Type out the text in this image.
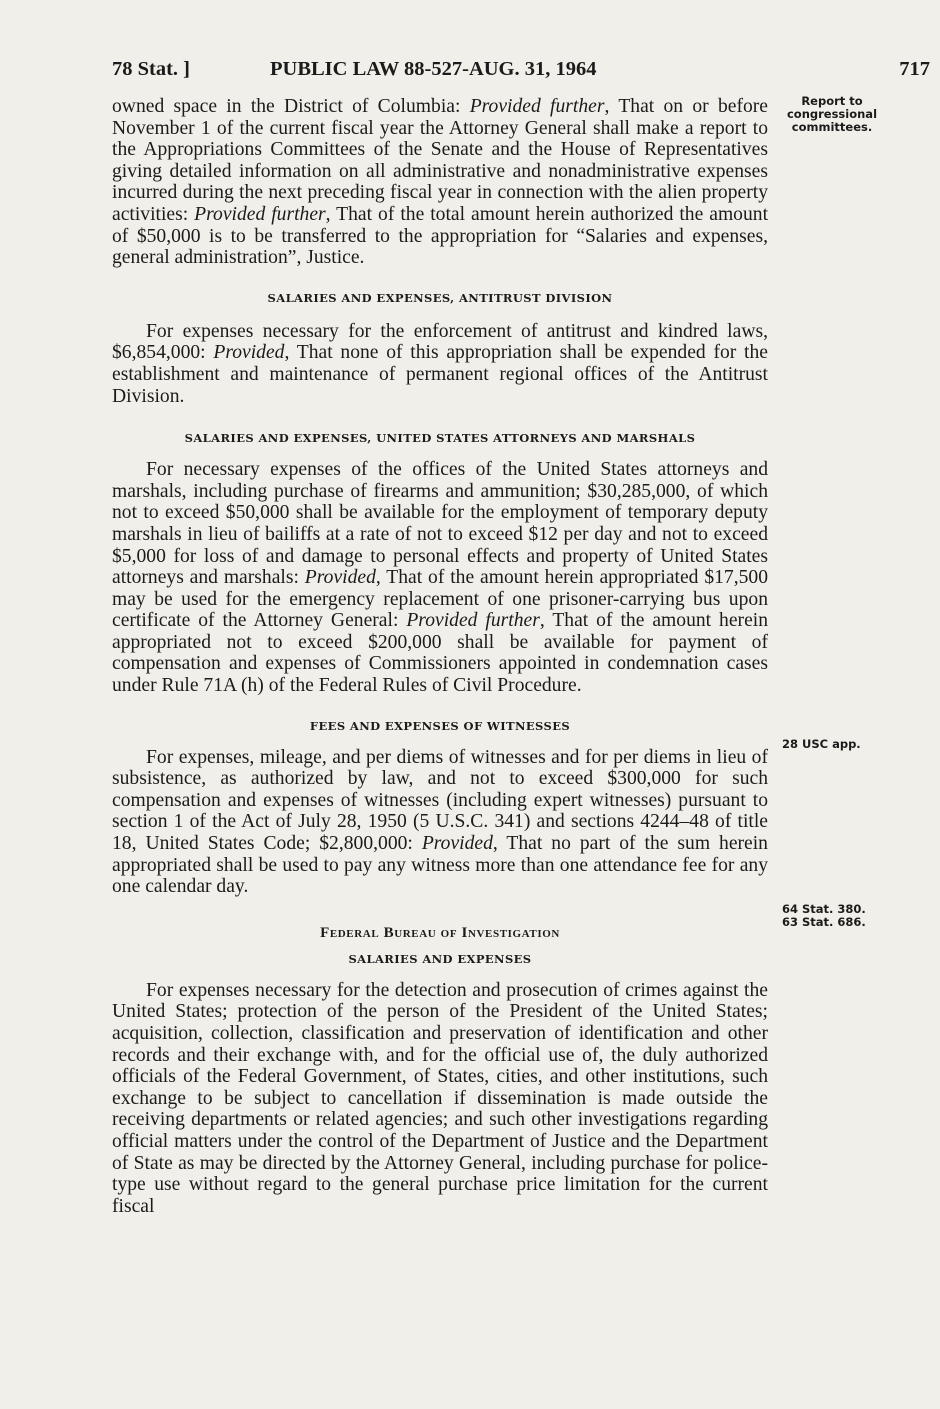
78 Stat. ]	PUBLIC LAW 88-527-AUG. 31, 1964	717
Report to congressional committees.
28 USC app.
64 Stat. 380.
63 Stat. 686.

owned space in the District of Columbia: Provided further, That on or before November 1 of the current fiscal year the Attorney General shall make a report to the Appropriations Committees of the Senate and the House of Representatives giving detailed information on all administrative and nonadministrative expenses incurred during the next preceding fiscal year in connection with the alien property activities: Provided further, That of the total amount herein authorized the amount of $50,000 is to be transferred to the appropriation for “Salaries and expenses, general administration”, Justice.

SALARIES AND EXPENSES, ANTITRUST DIVISION

For expenses necessary for the enforcement of antitrust and kindred laws, $6,854,000: Provided, That none of this appropriation shall be expended for the establishment and maintenance of permanent regional offices of the Antitrust Division.

SALARIES AND EXPENSES, UNITED STATES ATTORNEYS AND MARSHALS

For necessary expenses of the offices of the United States attorneys and marshals, including purchase of firearms and ammunition; $30,285,000, of which not to exceed $50,000 shall be available for the employment of temporary deputy marshals in lieu of bailiffs at a rate of not to exceed $12 per day and not to exceed $5,000 for loss of and damage to personal effects and property of United States attorneys and marshals: Provided, That of the amount herein appropriated $17,500 may be used for the emergency replacement of one prisoner-carrying bus upon certificate of the Attorney General: Provided further, That of the amount herein appropriated not to exceed $200,000 shall be available for payment of compensation and expenses of Commissioners appointed in condemnation cases under Rule 71A (h) of the Federal Rules of Civil Procedure.

FEES AND EXPENSES OF WITNESSES

For expenses, mileage, and per diems of witnesses and for per diems in lieu of subsistence, as authorized by law, and not to exceed $300,000 for such compensation and expenses of witnesses (including expert witnesses) pursuant to section 1 of the Act of July 28, 1950 (5 U.S.C. 341) and sections 4244–48 of title 18, United States Code; $2,800,000: Provided, That no part of the sum herein appropriated shall be used to pay any witness more than one attendance fee for any one calendar day.

Federal Bureau of Investigation
SALARIES AND EXPENSES

For expenses necessary for the detection and prosecution of crimes against the United States; protection of the person of the President of the United States; acquisition, collection, classification and preservation of identification and other records and their exchange with, and for the official use of, the duly authorized officials of the Federal Government, of States, cities, and other institutions, such exchange to be subject to cancellation if dissemination is made outside the receiving departments or related agencies; and such other investigations regarding official matters under the control of the Department of Justice and the Department of State as may be directed by the Attorney General, including purchase for police-type use without regard to the general purchase price limitation for the current fiscal
